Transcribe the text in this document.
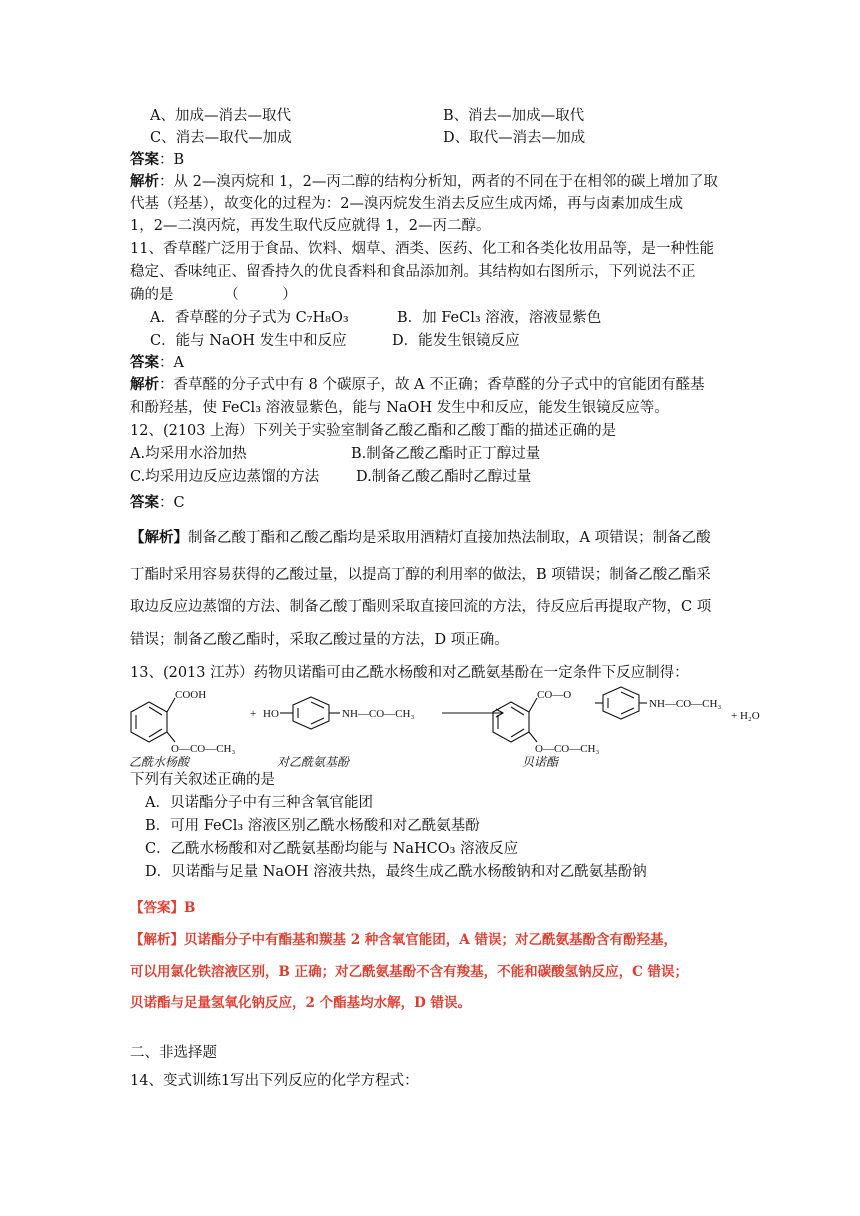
A、加成—消去—取代	B、消去—加成—取代
C、消去—取代—加成	D、取代—消去—加成
答案：B
解析：从 2—溴丙烷和 1，2—丙二醇的结构分析知，两者的不同在于在相邻的碳上增加了取
代基（羟基），故变化的过程为：2—溴丙烷发生消去反应生成丙烯，再与卤素加成生成
1，2—二溴丙烷，再发生取代反应就得 1，2—丙二醇。
11、香草醛广泛用于食品、饮料、烟草、酒类、医药、化工和各类化妆用品等，是一种性能
稳定、香味纯正、留香持久的优良香料和食品添加剂。其结构如右图所示，下列说法不正
确的是　　　　（　　　）
A．香草醛的分子式为 C₇H₈O₃	B．加 FeCl₃ 溶液，溶液显紫色
C．能与 NaOH 发生中和反应	D．能发生银镜反应
答案：A
解析：香草醛的分子式中有 8 个碳原子，故 A 不正确；香草醛的分子式中的官能团有醛基
和酚羟基，使 FeCl₃ 溶液显紫色，能与 NaOH 发生中和反应，能发生银镜反应等。
12、(2103 上海）下列关于实验室制备乙酸乙酯和乙酸丁酯的描述正确的是
A.均采用水浴加热	B.制备乙酸乙酯时正丁醇过量
C.均采用边反应边蒸馏的方法	D.制备乙酸乙酯时乙醇过量
答案：C
【解析】制备乙酸丁酯和乙酸乙酯均是采取用酒精灯直接加热法制取，A 项错误；制备乙酸
丁酯时采用容易获得的乙酸过量，以提高丁醇的利用率的做法，B 项错误；制备乙酸乙酯采
取边反应边蒸馏的方法、制备乙酸丁酯则采取直接回流的方法，待反应后再提取产物，C 项
错误；制备乙酸乙酯时，采取乙酸过量的方法，D 项正确。
13、(2013 江苏）药物贝诺酯可由乙酰水杨酸和对乙酰氨基酚在一定条件下反应制得：
COOH
O—CO—CH₃
+ HO	NH—CO—CH₃
CO—O
O—CO—CH₃
NH—CO—CH₃
+ H₂O
乙酰水杨酸	对乙酰氨基酚	贝诺酯
下列有关叙述正确的是
A．贝诺酯分子中有三种含氧官能团
B．可用 FeCl₃ 溶液区别乙酰水杨酸和对乙酰氨基酚
C．乙酰水杨酸和对乙酰氨基酚均能与 NaHCO₃ 溶液反应
D．贝诺酯与足量 NaOH 溶液共热，最终生成乙酰水杨酸钠和对乙酰氨基酚钠
【答案】B
【解析】贝诺酯分子中有酯基和羰基 2 种含氧官能团，A 错误；对乙酰氨基酚含有酚羟基，
可以用氯化铁溶液区别，B 正确；对乙酰氨基酚不含有羧基，不能和碳酸氢钠反应，C 错误；
贝诺酯与足量氢氧化钠反应，2 个酯基均水解，D 错误。
二、非选择题
14、变式训练1写出下列反应的化学方程式：
